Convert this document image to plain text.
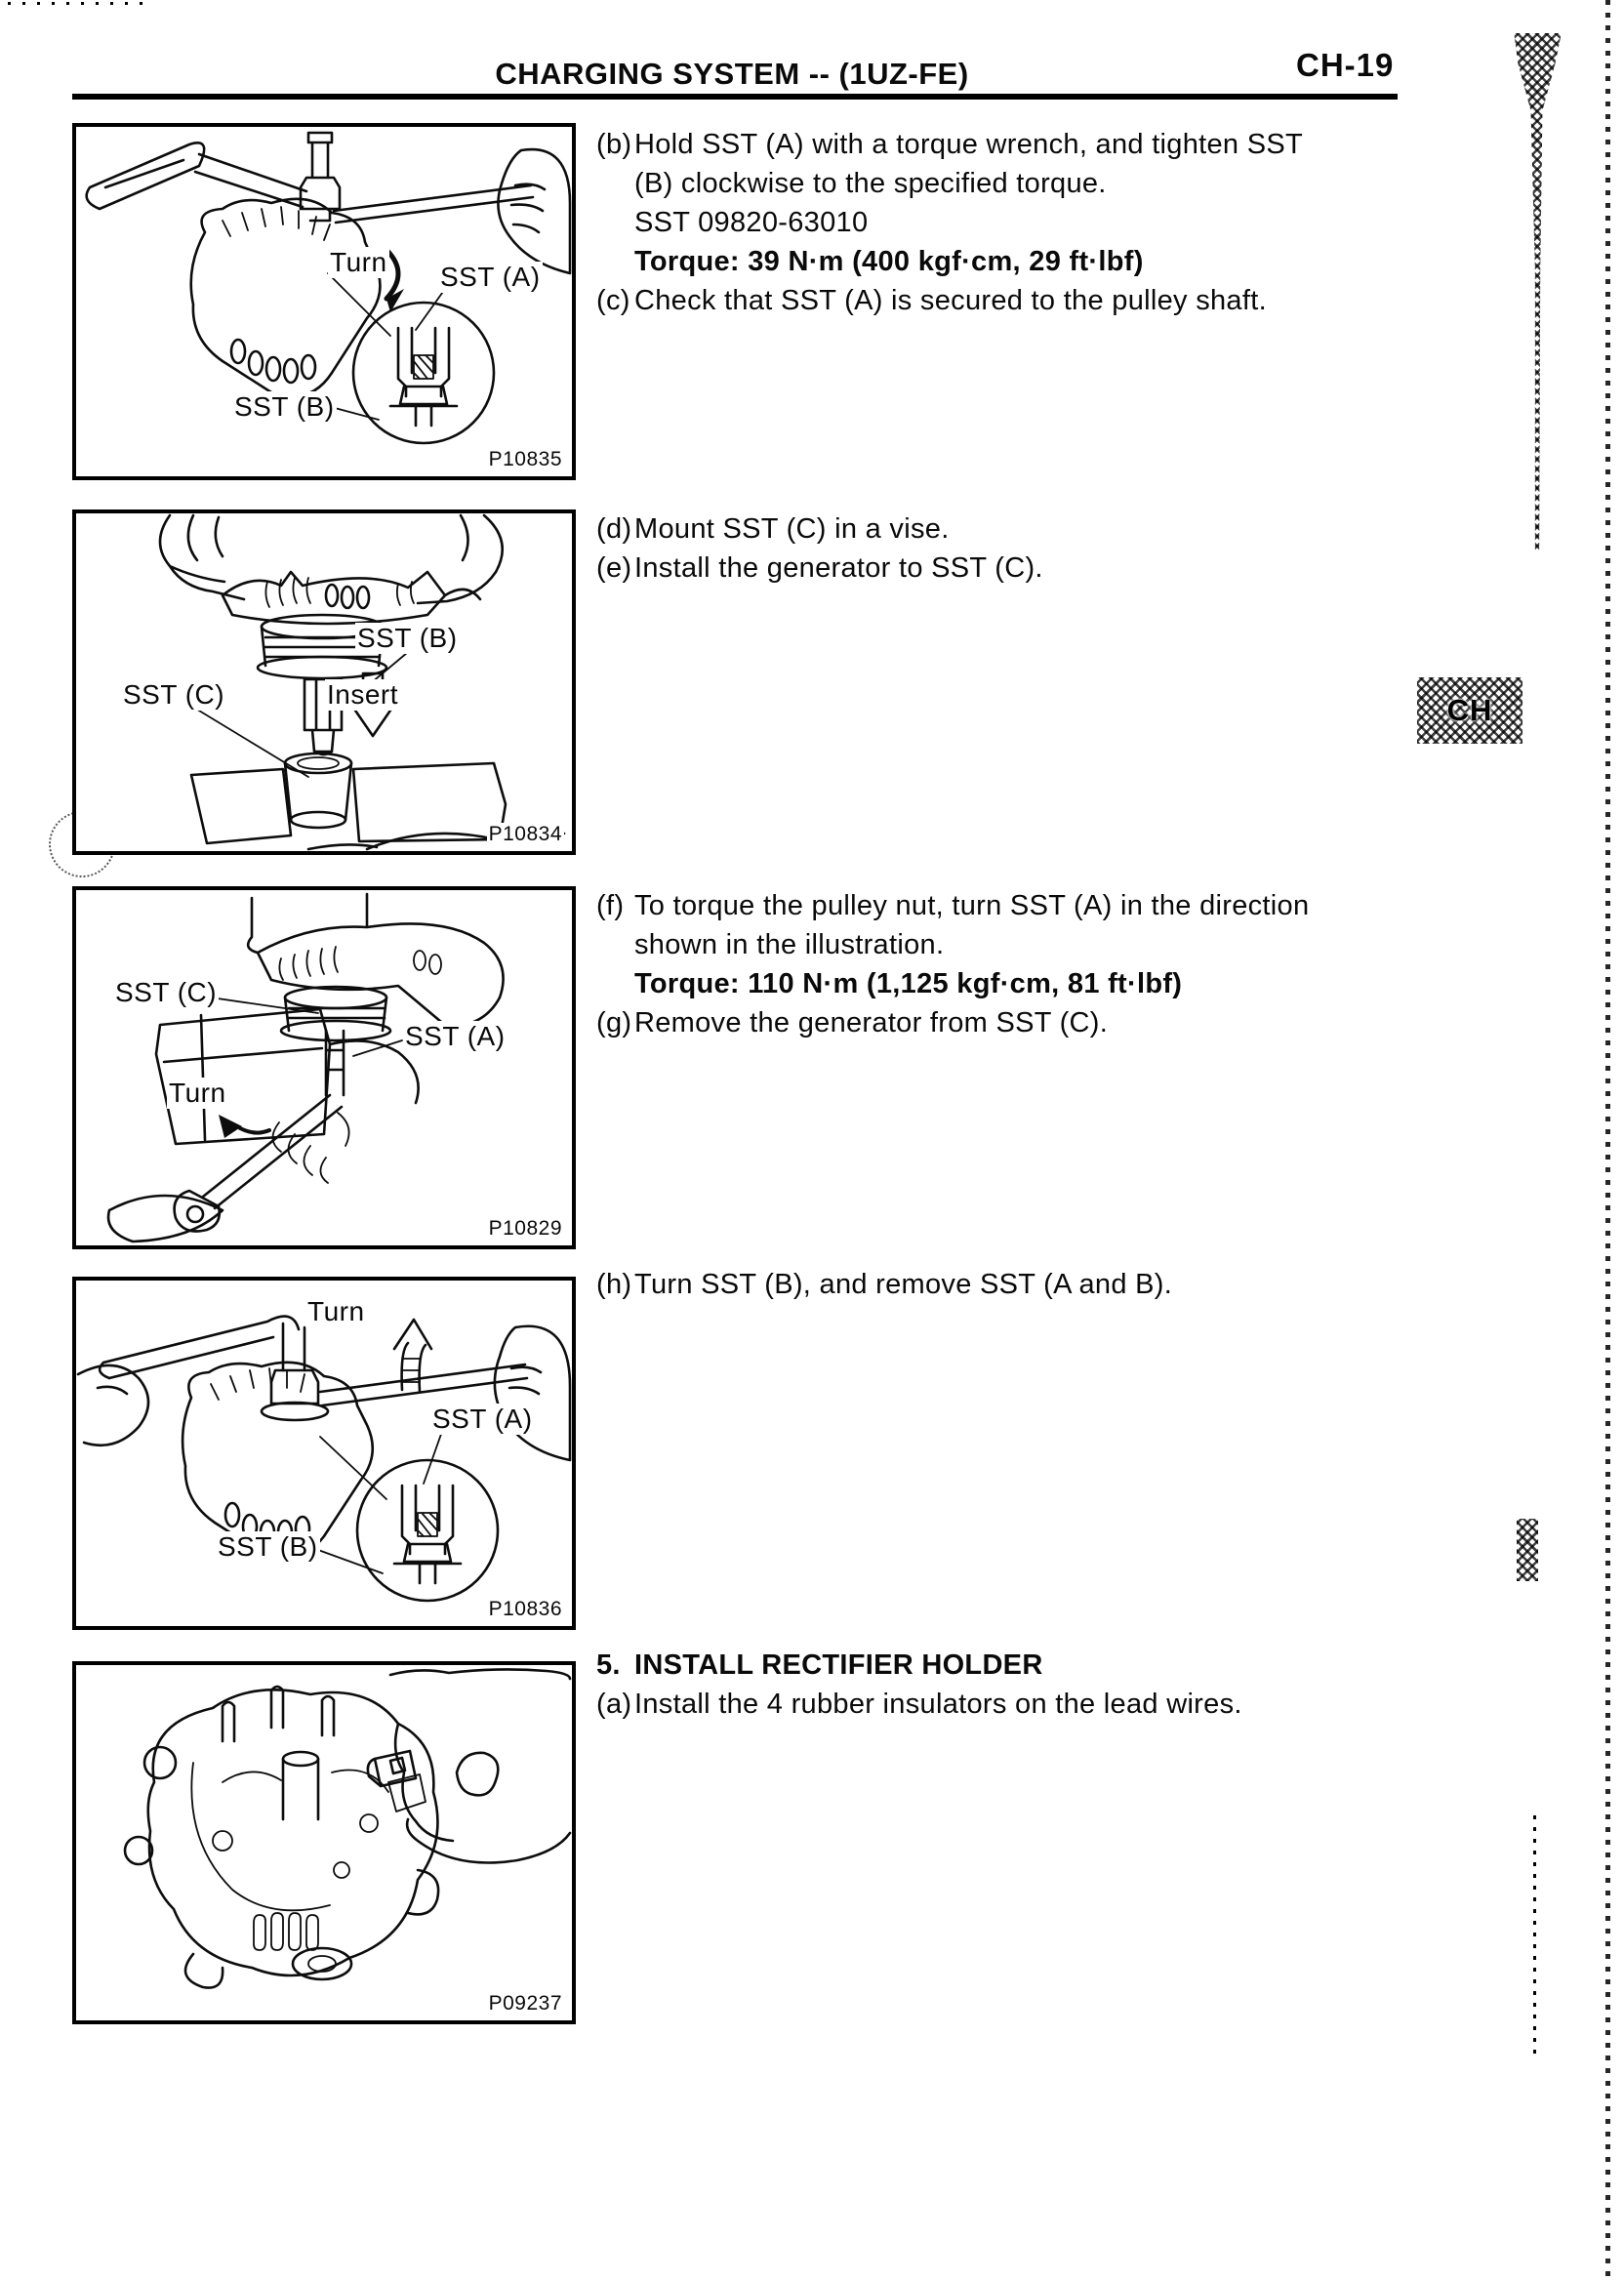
CH
CHARGING SYSTEM -- (1UZ-FE)	CH-19
Turn SST (A)
SST (B)
P10835
SST (B)
SST (C)	Insert
P10834
SST (C)
SST (A)
Turn
P10829
Turn
SST (A)
SST (B)
P10836
P09237
(b) Hold SST (A) with a torque wrench, and tighten SST
(B) clockwise to the specified torque.
SST 09820-63010
Torque: 39 N·m (400 kgf·cm, 29 ft·lbf)
(c) Check that SST (A) is secured to the pulley shaft.
(d) Mount SST (C) in a vise.
(e) Install the generator to SST (C).
(f) To torque the pulley nut, turn SST (A) in the direction
shown in the illustration.
Torque: 110 N·m (1,125 kgf·cm, 81 ft·lbf)
(g) Remove the generator from SST (C).
(h) Turn SST (B), and remove SST (A and B).
5. INSTALL RECTIFIER HOLDER
(a) Install the 4 rubber insulators on the lead wires.
